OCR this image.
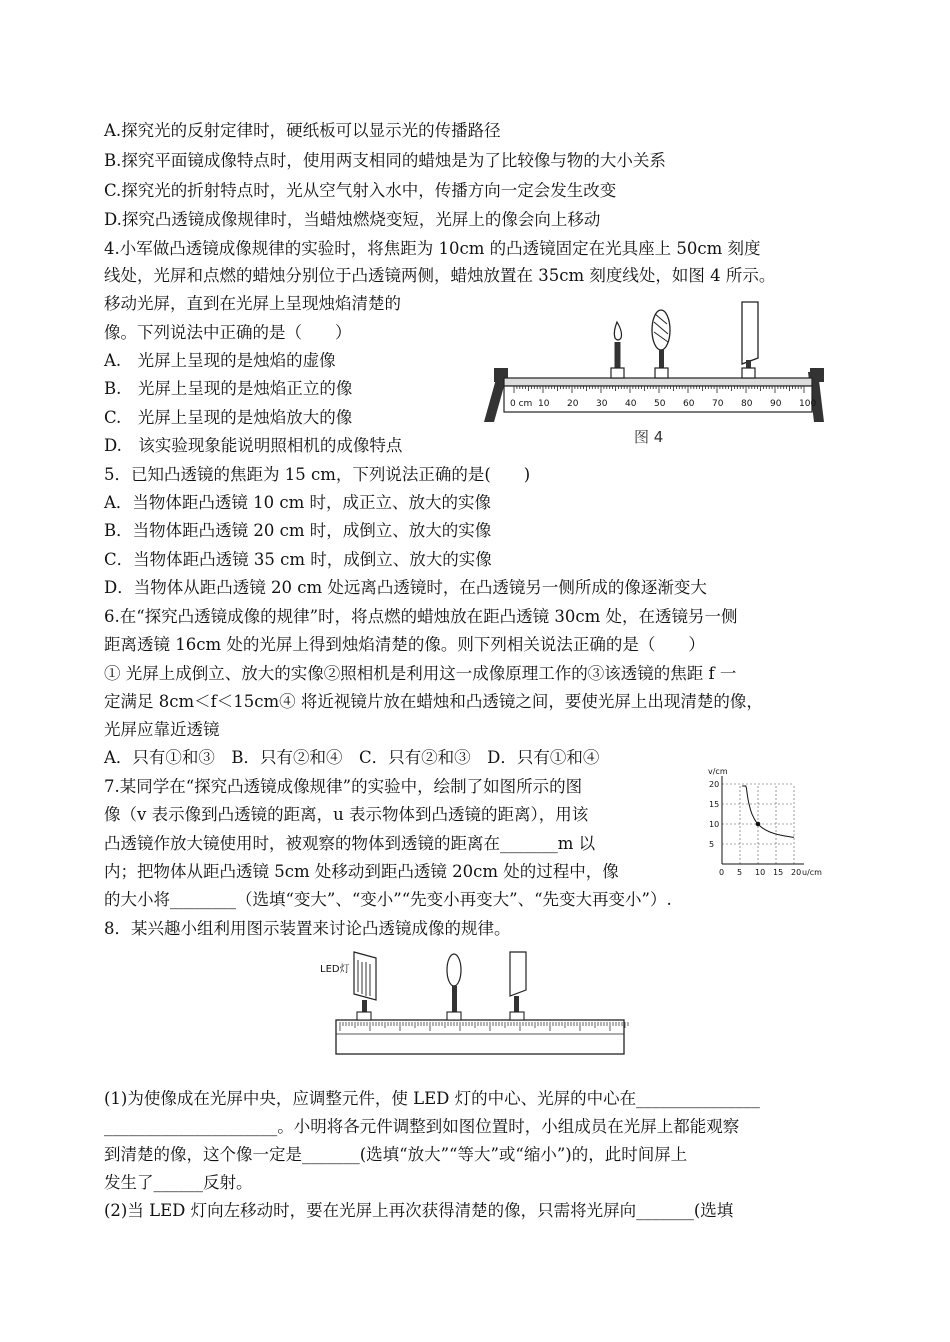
A.探究光的反射定律时，硬纸板可以显示光的传播路径
B.探究平面镜成像特点时，使用两支相同的蜡烛是为了比较像与物的大小关系
C.探究光的折射特点时，光从空气射入水中，传播方向一定会发生改变
D.探究凸透镜成像规律时，当蜡烛燃烧变短，光屏上的像会向上移动
4.小军做凸透镜成像规律的实验时，将焦距为 10cm 的凸透镜固定在光具座上 50cm 刻度
线处，光屏和点燃的蜡烛分别位于凸透镜两侧，蜡烛放置在 35cm 刻度线处，如图 4 所示。
移动光屏，直到在光屏上呈现烛焰清楚的
像。下列说法中正确的是（　　）
A.　光屏上呈现的是烛焰的虚像
B.　光屏上呈现的是烛焰正立的像
C.　光屏上呈现的是烛焰放大的像
D.　该实验现象能说明照相机的成像特点
0 cm 10 20 30 40 50 60 70 80 90 100
图 4
5．已知凸透镜的焦距为 15 cm，下列说法正确的是(　　)
A．当物体距凸透镜 10 cm 时，成正立、放大的实像
B．当物体距凸透镜 20 cm 时，成倒立、放大的实像
C．当物体距凸透镜 35 cm 时，成倒立、放大的实像
D．当物体从距凸透镜 20 cm 处远离凸透镜时，在凸透镜另一侧所成的像逐渐变大
6.在“探究凸透镜成像的规律”时，将点燃的蜡烛放在距凸透镜 30cm 处，在透镜另一侧
距离透镜 16cm 处的光屏上得到烛焰清楚的像。则下列相关说法正确的是（　　）
① 光屏上成倒立、放大的实像②照相机是利用这一成像原理工作的③该透镜的焦距 f 一
定满足 8cm＜f＜15cm④ 将近视镜片放在蜡烛和凸透镜之间，要使光屏上出现清楚的像，
光屏应靠近透镜
A．只有①和③　B．只有②和④　C．只有②和③　D．只有①和④
7.某同学在“探究凸透镜成像规律”的实验中，绘制了如图所示的图
像（v 表示像到凸透镜的距离，u 表示物体到凸透镜的距离），用该
凸透镜作放大镜使用时，被观察的物体到透镜的距离在_______m 以
内；把物体从距凸透镜 5cm 处移动到距凸透镜 20cm 处的过程中，像
的大小将________（选填“变大”、“变小”“先变小再变大”、“先变大再变小”）.
0 5 10 15 20
5
10
15
20
u/cm
v/cm
8．某兴趣小组利用图示装置来讨论凸透镜成像的规律。
LED灯
(1)为使像成在光屏中央，应调整元件，使 LED 灯的中心、光屏的中心在_______________
_____________________。小明将各元件调整到如图位置时，小组成员在光屏上都能观察
到清楚的像，这个像一定是_______(选填“放大”“等大”或“缩小”)的，此时间屏上
发生了______反射。
(2)当 LED 灯向左移动时，要在光屏上再次获得清楚的像，只需将光屏向_______(选填
